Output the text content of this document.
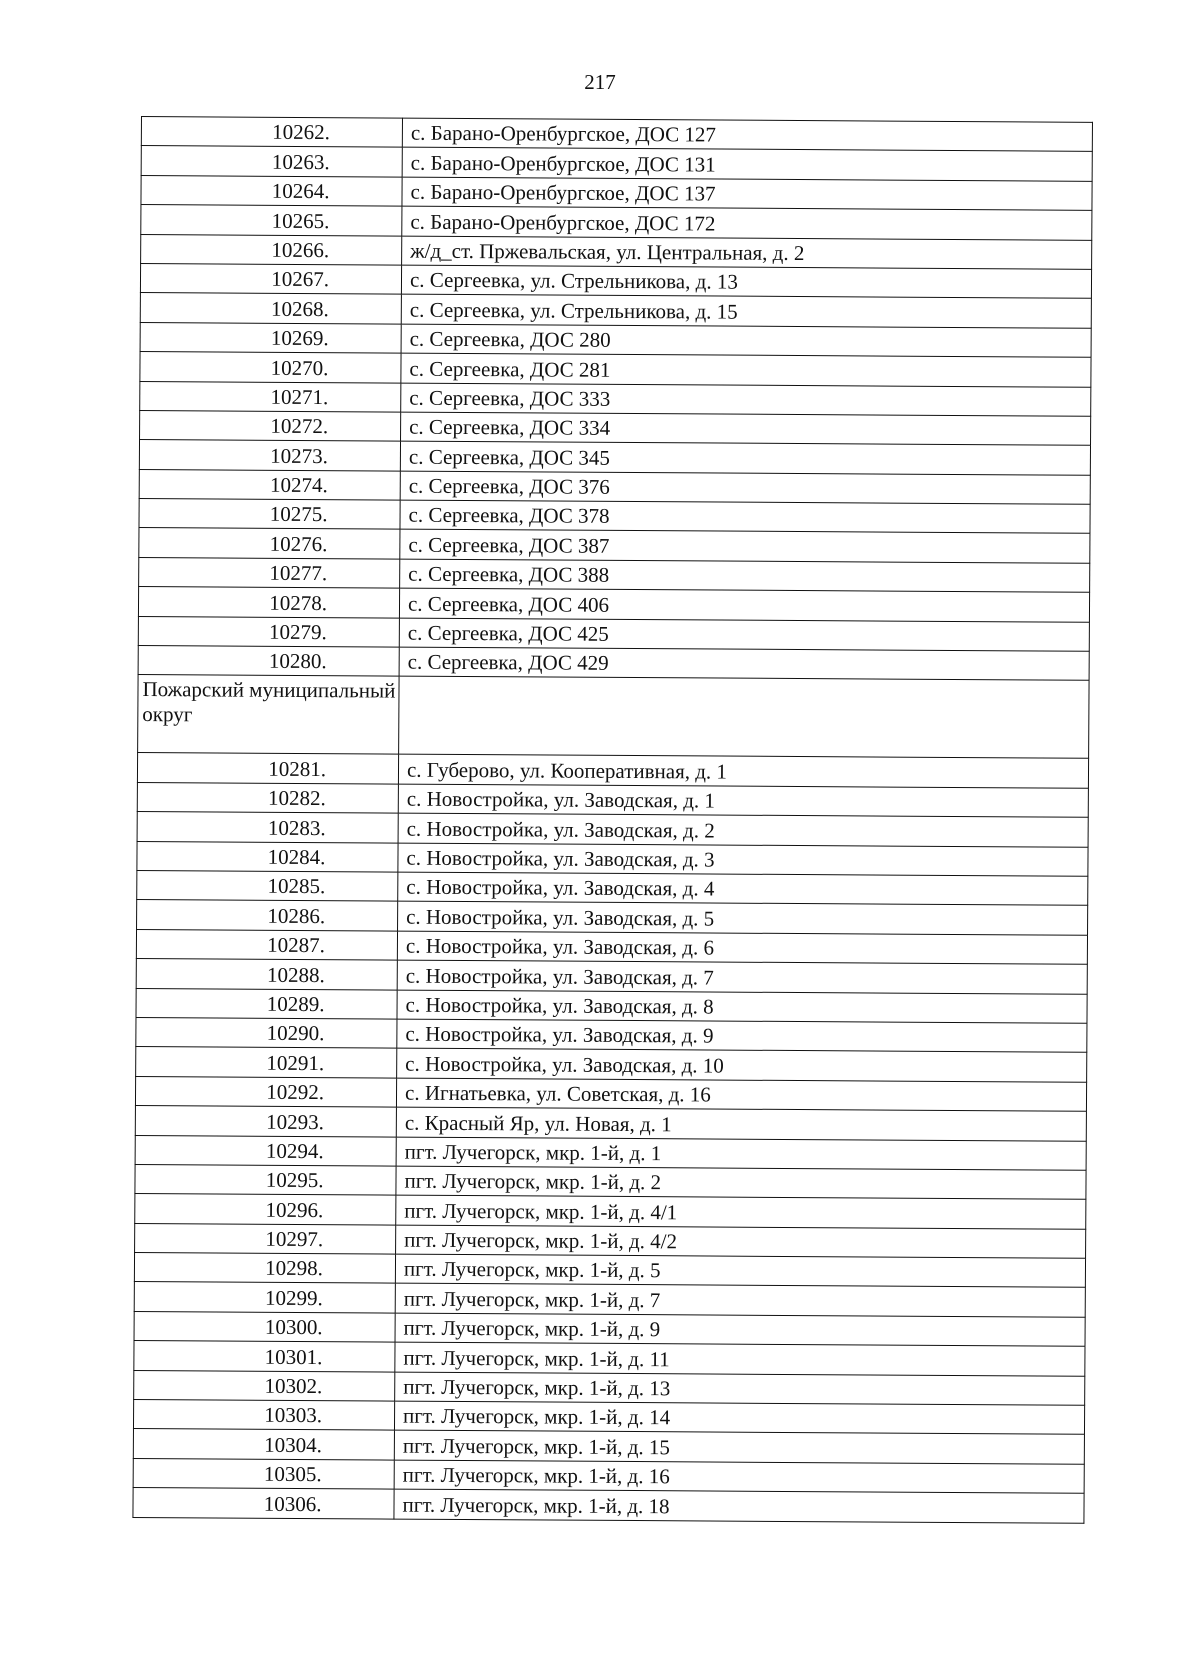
217
10262.	с. Барано-Оренбургское, ДОС 127
10263.	с. Барано-Оренбургское, ДОС 131
10264.	с. Барано-Оренбургское, ДОС 137
10265.	с. Барано-Оренбургское, ДОС 172
10266.	ж/д_ст. Пржевальская, ул. Центральная, д. 2
10267.	с. Сергеевка, ул. Стрельникова, д. 13
10268.	с. Сергеевка, ул. Стрельникова, д. 15
10269.	с. Сергеевка, ДОС 280
10270.	с. Сергеевка, ДОС 281
10271.	с. Сергеевка, ДОС 333
10272.	с. Сергеевка, ДОС 334
10273.	с. Сергеевка, ДОС 345
10274.	с. Сергеевка, ДОС 376
10275.	с. Сергеевка, ДОС 378
10276.	с. Сергеевка, ДОС 387
10277.	с. Сергеевка, ДОС 388
10278.	с. Сергеевка, ДОС 406
10279.	с. Сергеевка, ДОС 425
10280.	с. Сергеевка, ДОС 429
Пожарский муниципальный округ	
10281.	с. Губерово, ул. Кооперативная, д. 1
10282.	с. Новостройка, ул. Заводская, д. 1
10283.	с. Новостройка, ул. Заводская, д. 2
10284.	с. Новостройка, ул. Заводская, д. 3
10285.	с. Новостройка, ул. Заводская, д. 4
10286.	с. Новостройка, ул. Заводская, д. 5
10287.	с. Новостройка, ул. Заводская, д. 6
10288.	с. Новостройка, ул. Заводская, д. 7
10289.	с. Новостройка, ул. Заводская, д. 8
10290.	с. Новостройка, ул. Заводская, д. 9
10291.	с. Новостройка, ул. Заводская, д. 10
10292.	с. Игнатьевка, ул. Советская, д. 16
10293.	с. Красный Яр, ул. Новая, д. 1
10294.	пгт. Лучегорск, мкр. 1-й, д. 1
10295.	пгт. Лучегорск, мкр. 1-й, д. 2
10296.	пгт. Лучегорск, мкр. 1-й, д. 4/1
10297.	пгт. Лучегорск, мкр. 1-й, д. 4/2
10298.	пгт. Лучегорск, мкр. 1-й, д. 5
10299.	пгт. Лучегорск, мкр. 1-й, д. 7
10300.	пгт. Лучегорск, мкр. 1-й, д. 9
10301.	пгт. Лучегорск, мкр. 1-й, д. 11
10302.	пгт. Лучегорск, мкр. 1-й, д. 13
10303.	пгт. Лучегорск, мкр. 1-й, д. 14
10304.	пгт. Лучегорск, мкр. 1-й, д. 15
10305.	пгт. Лучегорск, мкр. 1-й, д. 16
10306.	пгт. Лучегорск, мкр. 1-й, д. 18
